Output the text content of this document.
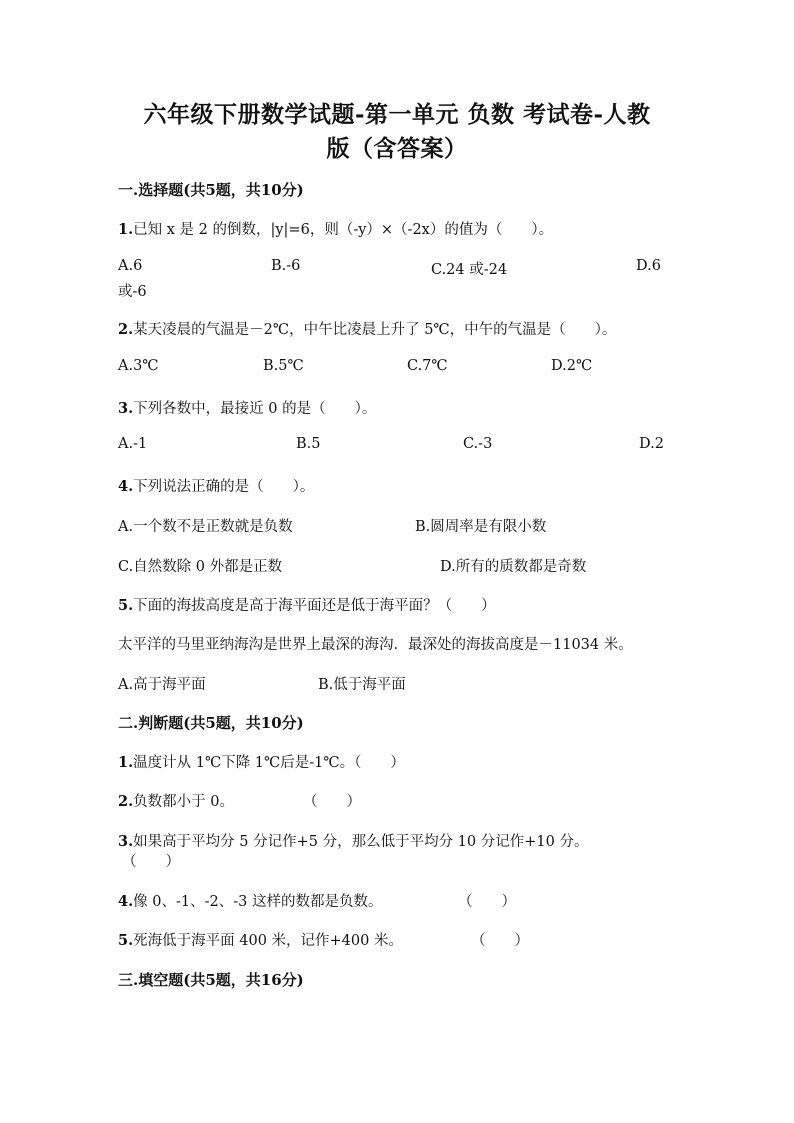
六年级下册数学试题-第一单元 负数 考试卷-人教
版（含答案）
一.选择题(共5题，共10分)
1.已知 x 是 2 的倒数，|y|=6，则（-y）×（-2x）的值为（　　）。
A.6	B.-6	C.24 或-24	D.6
或-6
2.某天凌晨的气温是－2℃，中午比凌晨上升了 5℃，中午的气温是（　　）。
A.3℃	B.5℃	C.7℃	D.2℃
3.下列各数中，最接近 0 的是（　　）。
A.-1	B.5	C.-3	D.2
4.下列说法正确的是（　　）。
A.一个数不是正数就是负数	B.圆周率是有限小数
C.自然数除 0 外都是正数	D.所有的质数都是奇数
5.下面的海拔高度是高于海平面还是低于海平面？（　　）
太平洋的马里亚纳海沟是世界上最深的海沟．最深处的海拔高度是－11034 米。
A.高于海平面	B.低于海平面
二.判断题(共5题，共10分)
1.温度计从 1℃下降 1℃后是-1℃。（　　）
2.负数都小于 0。	（　　）
3.如果高于平均分 5 分记作+5 分，那么低于平均分 10 分记作+10 分。
（　　）
4.像 0、-1、-2、-3 这样的数都是负数。	（　　）
5.死海低于海平面 400 米，记作+400 米。	（　　）
三.填空题(共5题，共16分)
